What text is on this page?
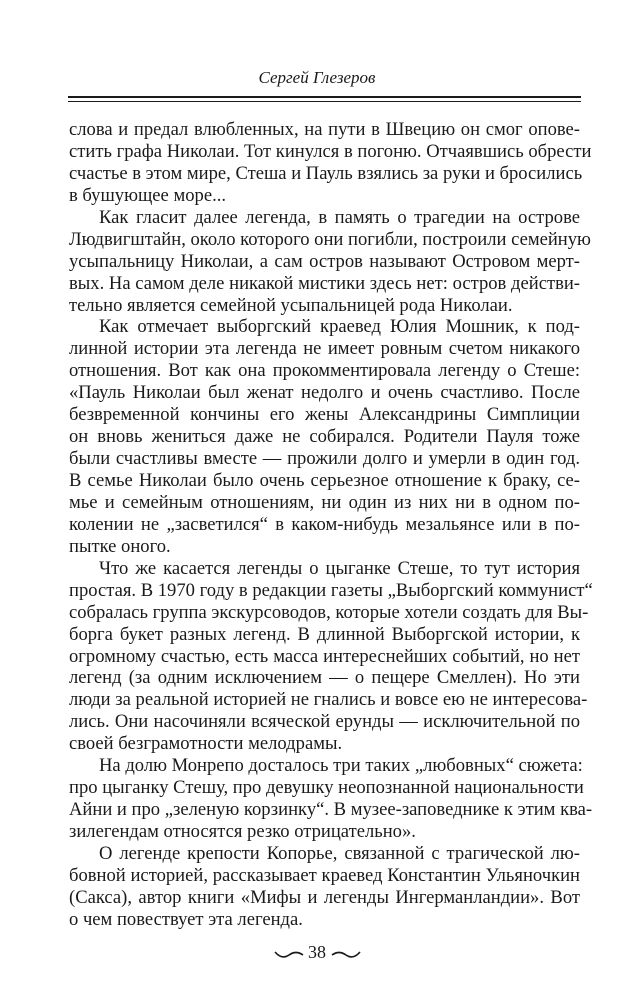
Сергей Глезеров
слова и предал влюбленных, на пути в Швецию он смог опове-
стить графа Николаи. Тот кинулся в погоню. Отчаявшись обрести
счастье в этом мире, Стеша и Пауль взялись за руки и бросились
в бушующее море...
Как гласит далее легенда, в память о трагедии на острове
Людвигштайн, около которого они погибли, построили семейную
усыпальницу Николаи, а сам остров называют Островом мерт-
вых. На самом деле никакой мистики здесь нет: остров действи-
тельно является семейной усыпальницей рода Николаи.
Как отмечает выборгский краевед Юлия Мошник, к под-
линной истории эта легенда не имеет ровным счетом никакого
отношения. Вот как она прокомментировала легенду о Стеше:
«Пауль Николаи был женат недолго и очень счастливо. После
безвременной кончины его жены Александрины Симплиции
он вновь жениться даже не собирался. Родители Пауля тоже
были счастливы вместе — прожили долго и умерли в один год.
В семье Николаи было очень серьезное отношение к браку, се-
мье и семейным отношениям, ни один из них ни в одном по-
колении не „засветился“ в каком-нибудь мезальянсе или в по-
пытке оного.
Что же касается легенды о цыганке Стеше, то тут история
простая. В 1970 году в редакции газеты „Выборгский коммунист“
собралась группа экскурсоводов, которые хотели создать для Вы-
борга букет разных легенд. В длинной Выборгской истории, к
огромному счастью, есть масса интереснейших событий, но нет
легенд (за одним исключением — о пещере Смеллен). Но эти
люди за реальной историей не гнались и вовсе ею не интересова-
лись. Они насочиняли всяческой ерунды — исключительной по
своей безграмотности мелодрамы.
На долю Монрепо досталось три таких „любовных“ сюжета:
про цыганку Стешу, про девушку неопознанной национальности
Айни и про „зеленую корзинку“. В музее-заповеднике к этим ква-
зилегендам относятся резко отрицательно».
О легенде крепости Копорье, связанной с трагической лю-
бовной историей, рассказывает краевед Константин Ульяночкин
(Сакса), автор книги «Мифы и легенды Ингерманландии». Вот
о чем повествует эта легенда.
38
